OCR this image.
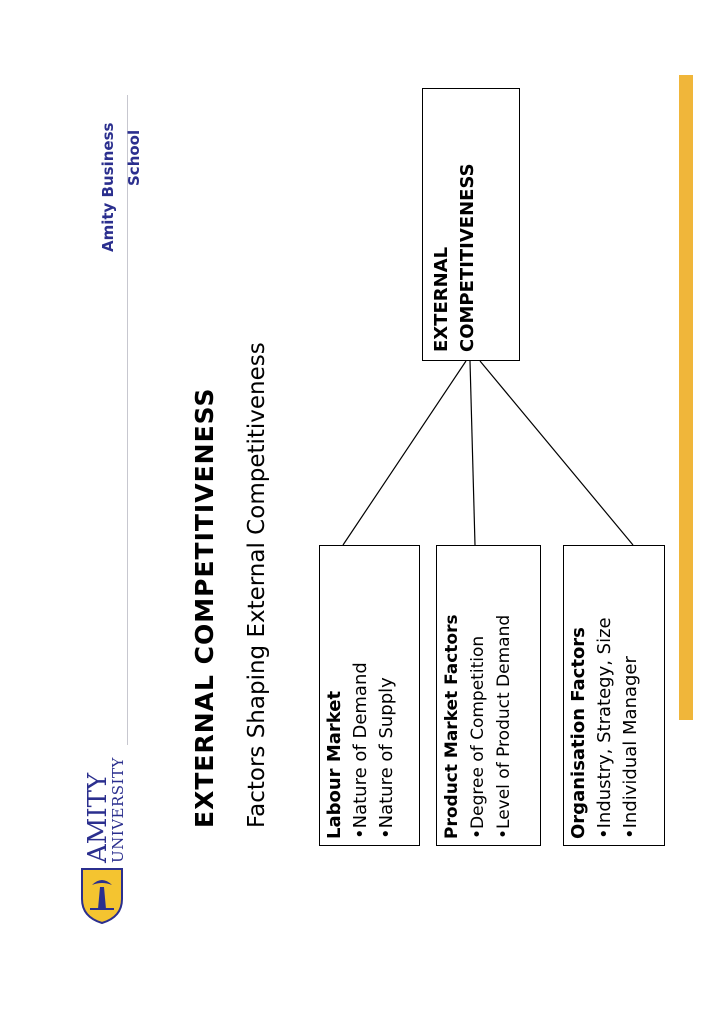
Amity Business School
AMITY
UNIVERSITY	EXTERNAL COMPETITIVENESS Factors Shaping External Competitiveness
EXTERNAL COMPETITIVENESS
Labour Market •Nature of Demand
•Nature of Supply	Product Market Factors •Degree of Competition
•Level of Product Demand	Organisation Factors •Industry, Strategy, Size
•Individual Manager
